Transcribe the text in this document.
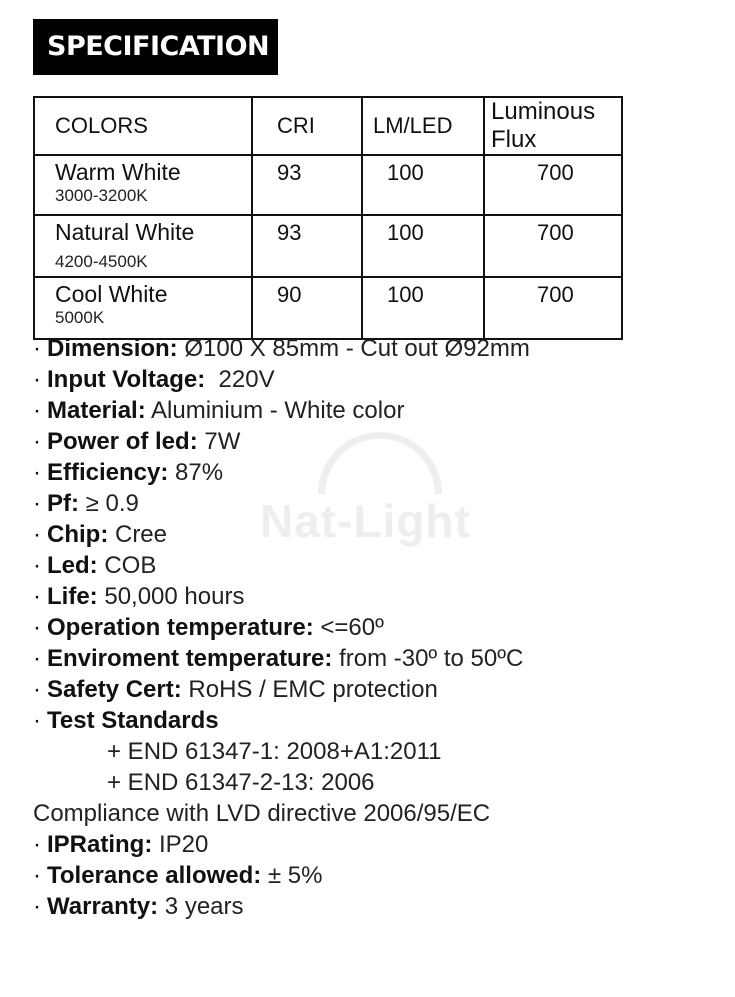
SPECIFICATION
COLORS	CRI	LM/LED	Luminous Flux

Warm White
3000-3200K	93	100	700

Natural White
4200-4500K	93	100	700

Cool White
5000K	90	100	700
Nat-Light
· Dimension: Ø100 X 85mm - Cut out Ø92mm
· Input Voltage:  220V
· Material: Aluminium - White color
· Power of led: 7W
· Efficiency: 87%
· Pf: ≥ 0.9
· Chip: Cree
· Led: COB
· Life: 50,000 hours
· Operation temperature: <=60º
· Enviroment temperature: from -30º to 50ºC
· Safety Cert: RoHS / EMC protection
· Test Standards
+ END 61347-1: 2008+A1:2011
+ END 61347-2-13: 2006
Compliance with LVD directive 2006/95/EC
· IPRating: IP20
· Tolerance allowed: ± 5%
· Warranty: 3 years
